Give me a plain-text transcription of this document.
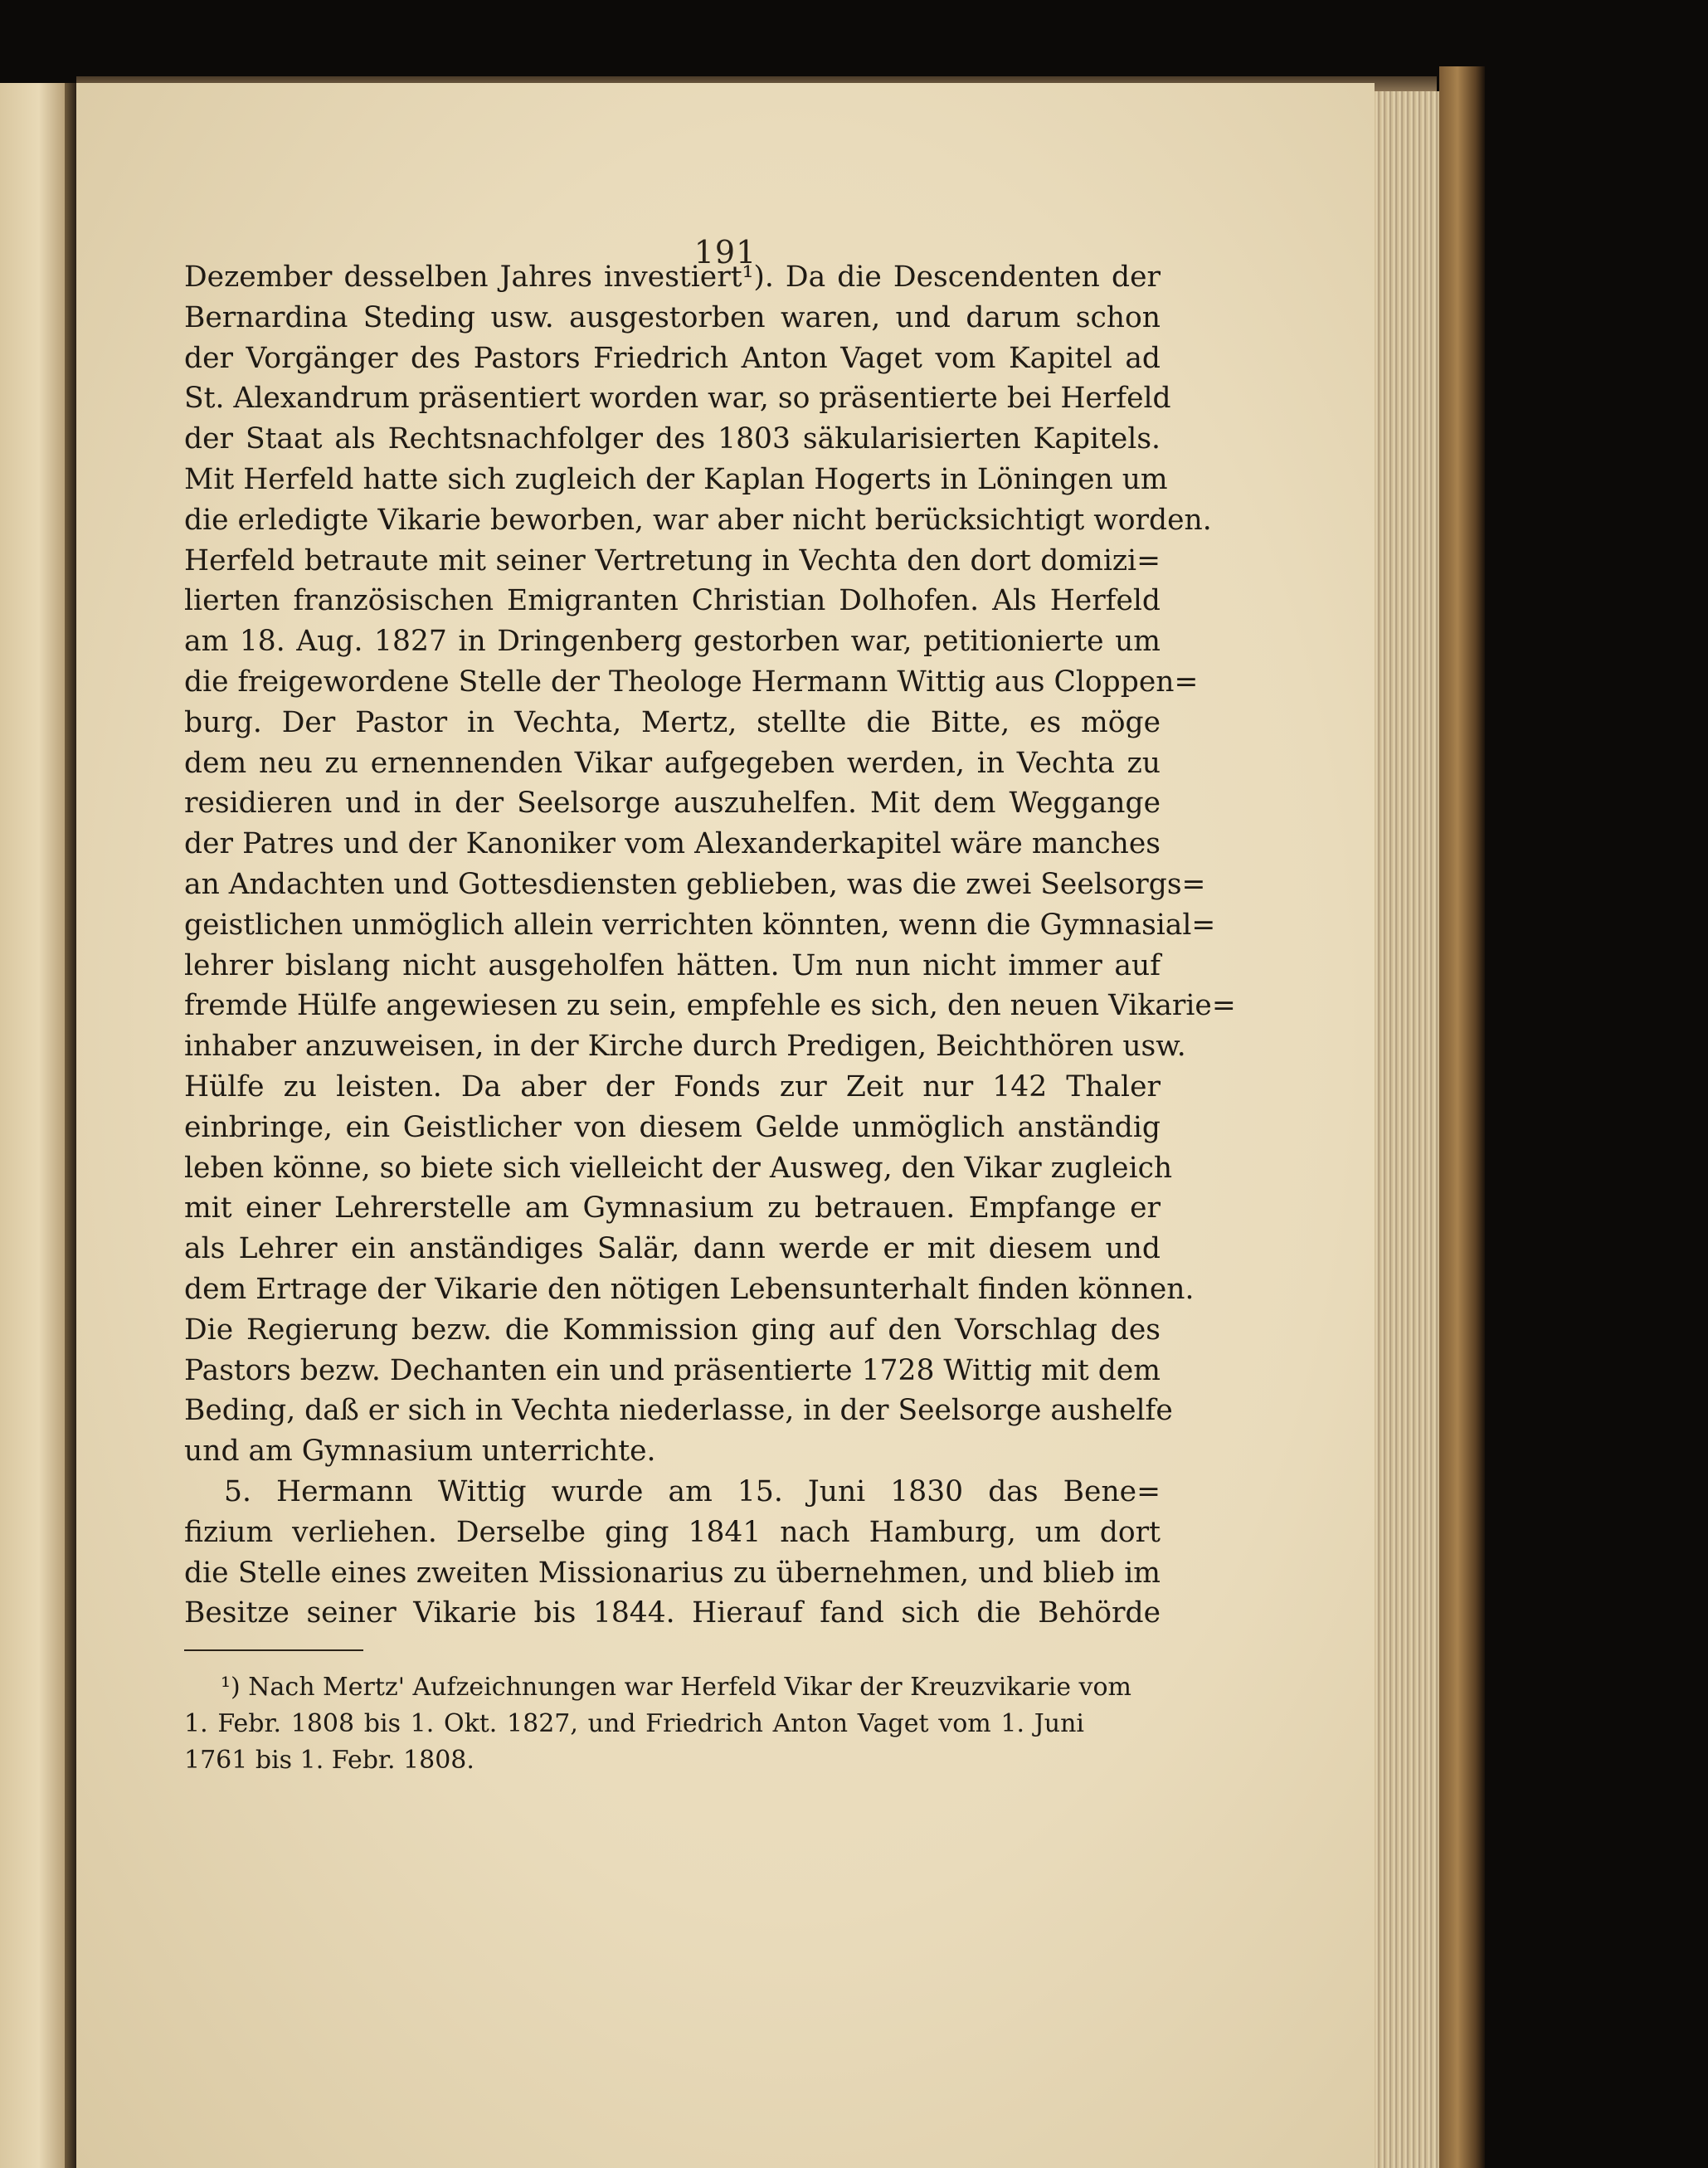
191
Dezember desselben Jahres investiert¹). Da die Descendenten der
Bernardina Steding usw. ausgestorben waren, und darum schon
der Vorgänger des Pastors Friedrich Anton Vaget vom Kapitel ad
St. Alexandrum präsentiert worden war, so präsentierte bei Herfeld
der Staat als Rechtsnachfolger des 1803 säkularisierten Kapitels.
Mit Herfeld hatte sich zugleich der Kaplan Hogerts in Löningen um
die erledigte Vikarie beworben, war aber nicht berücksichtigt worden.
Herfeld betraute mit seiner Vertretung in Vechta den dort domizi=
lierten französischen Emigranten Christian Dolhofen. Als Herfeld
am 18. Aug. 1827 in Dringenberg gestorben war, petitionierte um
die freigewordene Stelle der Theologe Hermann Wittig aus Cloppen=
burg. Der Pastor in Vechta, Mertz, stellte die Bitte, es möge
dem neu zu ernennenden Vikar aufgegeben werden, in Vechta zu
residieren und in der Seelsorge auszuhelfen. Mit dem Weggange
der Patres und der Kanoniker vom Alexanderkapitel wäre manches
an Andachten und Gottesdiensten geblieben, was die zwei Seelsorgs=
geistlichen unmöglich allein verrichten könnten, wenn die Gymnasial=
lehrer bislang nicht ausgeholfen hätten. Um nun nicht immer auf
fremde Hülfe angewiesen zu sein, empfehle es sich, den neuen Vikarie=
inhaber anzuweisen, in der Kirche durch Predigen, Beichthören usw.
Hülfe zu leisten. Da aber der Fonds zur Zeit nur 142 Thaler
einbringe, ein Geistlicher von diesem Gelde unmöglich anständig
leben könne, so biete sich vielleicht der Ausweg, den Vikar zugleich
mit einer Lehrerstelle am Gymnasium zu betrauen. Empfange er
als Lehrer ein anständiges Salär, dann werde er mit diesem und
dem Ertrage der Vikarie den nötigen Lebensunterhalt finden können.
Die Regierung bezw. die Kommission ging auf den Vorschlag des
Pastors bezw. Dechanten ein und präsentierte 1728 Wittig mit dem
Beding, daß er sich in Vechta niederlasse, in der Seelsorge aushelfe
und am Gymnasium unterrichte.
5. Hermann Wittig wurde am 15. Juni 1830 das Bene=
fizium verliehen. Derselbe ging 1841 nach Hamburg, um dort
die Stelle eines zweiten Missionarius zu übernehmen, und blieb im
Besitze seiner Vikarie bis 1844. Hierauf fand sich die Behörde
¹) Nach Mertz' Aufzeichnungen war Herfeld Vikar der Kreuzvikarie vom
1. Febr. 1808 bis 1. Okt. 1827, und Friedrich Anton Vaget vom 1. Juni
1761 bis 1. Febr. 1808.
